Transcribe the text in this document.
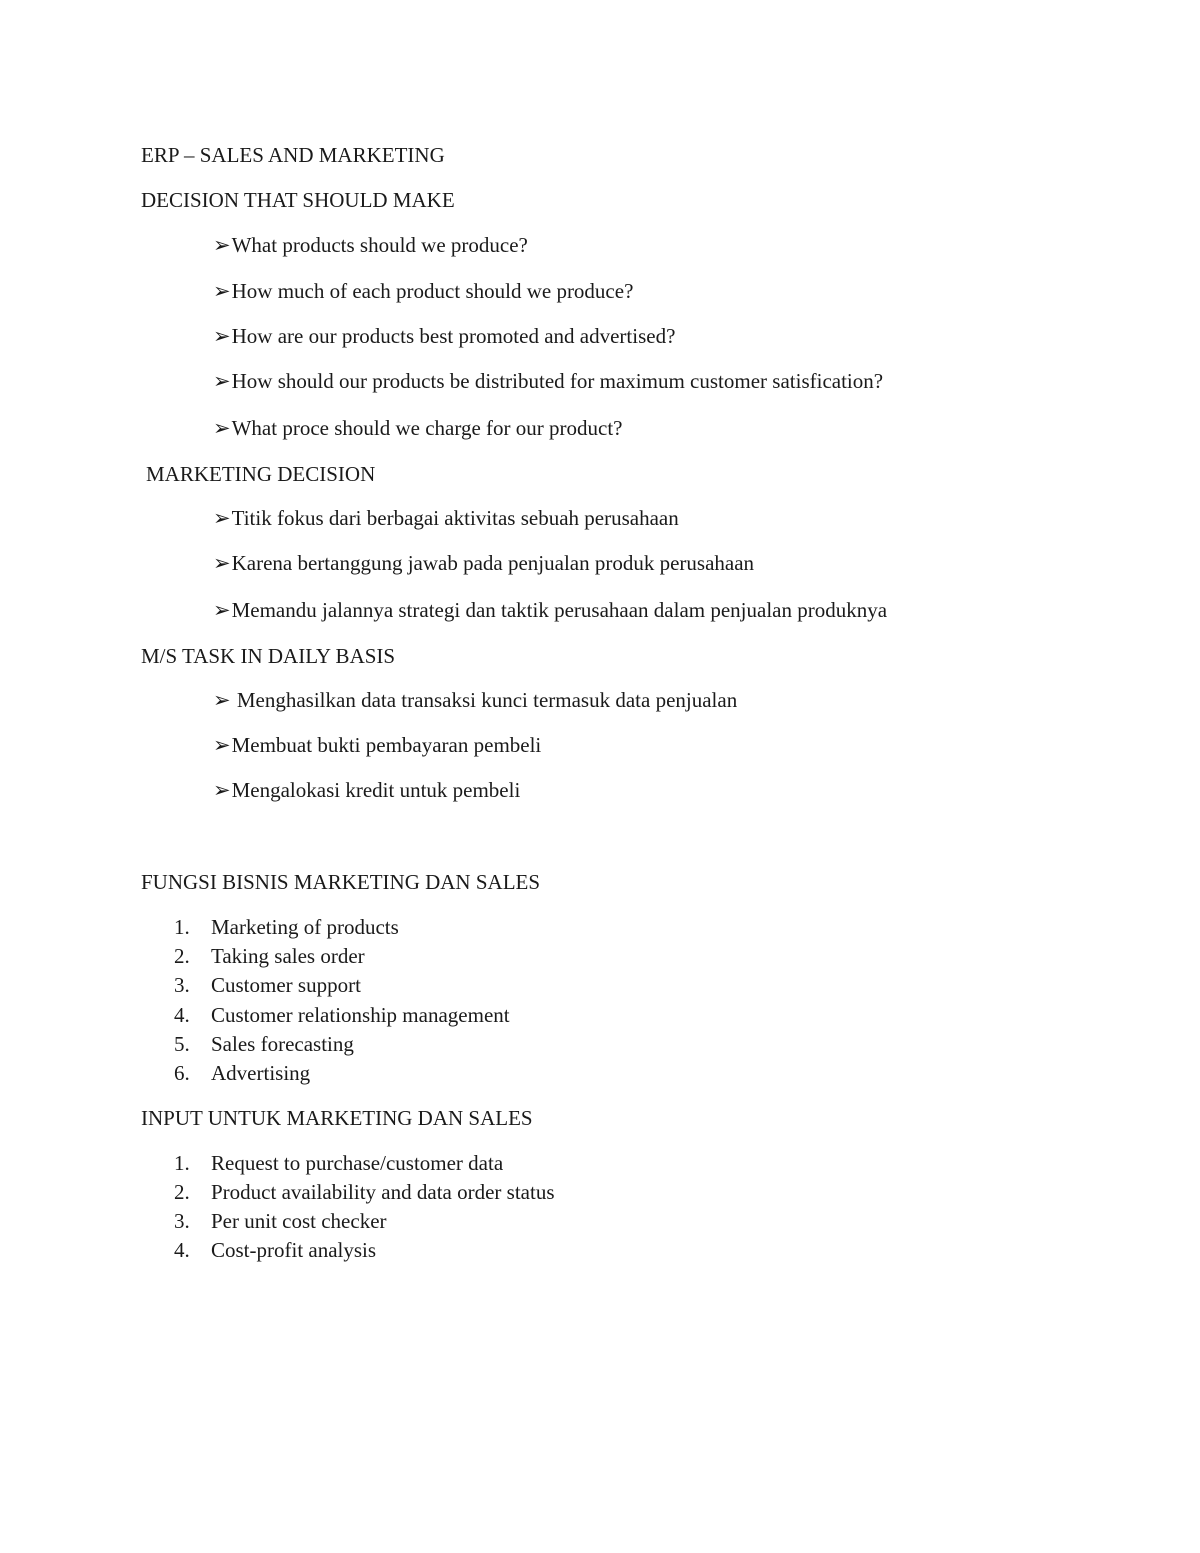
ERP – SALES AND MARKETING
DECISION THAT SHOULD MAKE
➢What products should we produce?
➢How much of each product should we produce?
➢How are our products best promoted and advertised?
➢How should our products be distributed for maximum customer satisfication?
➢What proce should we charge for our product?
MARKETING DECISION
➢Titik fokus dari berbagai aktivitas sebuah perusahaan
➢Karena bertanggung jawab pada penjualan produk perusahaan
➢Memandu jalannya strategi dan taktik perusahaan dalam penjualan produknya
M/S TASK IN DAILY BASIS
➢ Menghasilkan data transaksi kunci termasuk data penjualan
➢Membuat bukti pembayaran pembeli
➢Mengalokasi kredit untuk pembeli
FUNGSI BISNIS MARKETING DAN SALES
1. Marketing of products
2. Taking sales order
3. Customer support
4. Customer relationship management
5. Sales forecasting
6. Advertising
INPUT UNTUK MARKETING DAN SALES
1. Request to purchase/customer data
2. Product availability and data order status
3. Per unit cost checker
4. Cost-profit analysis
